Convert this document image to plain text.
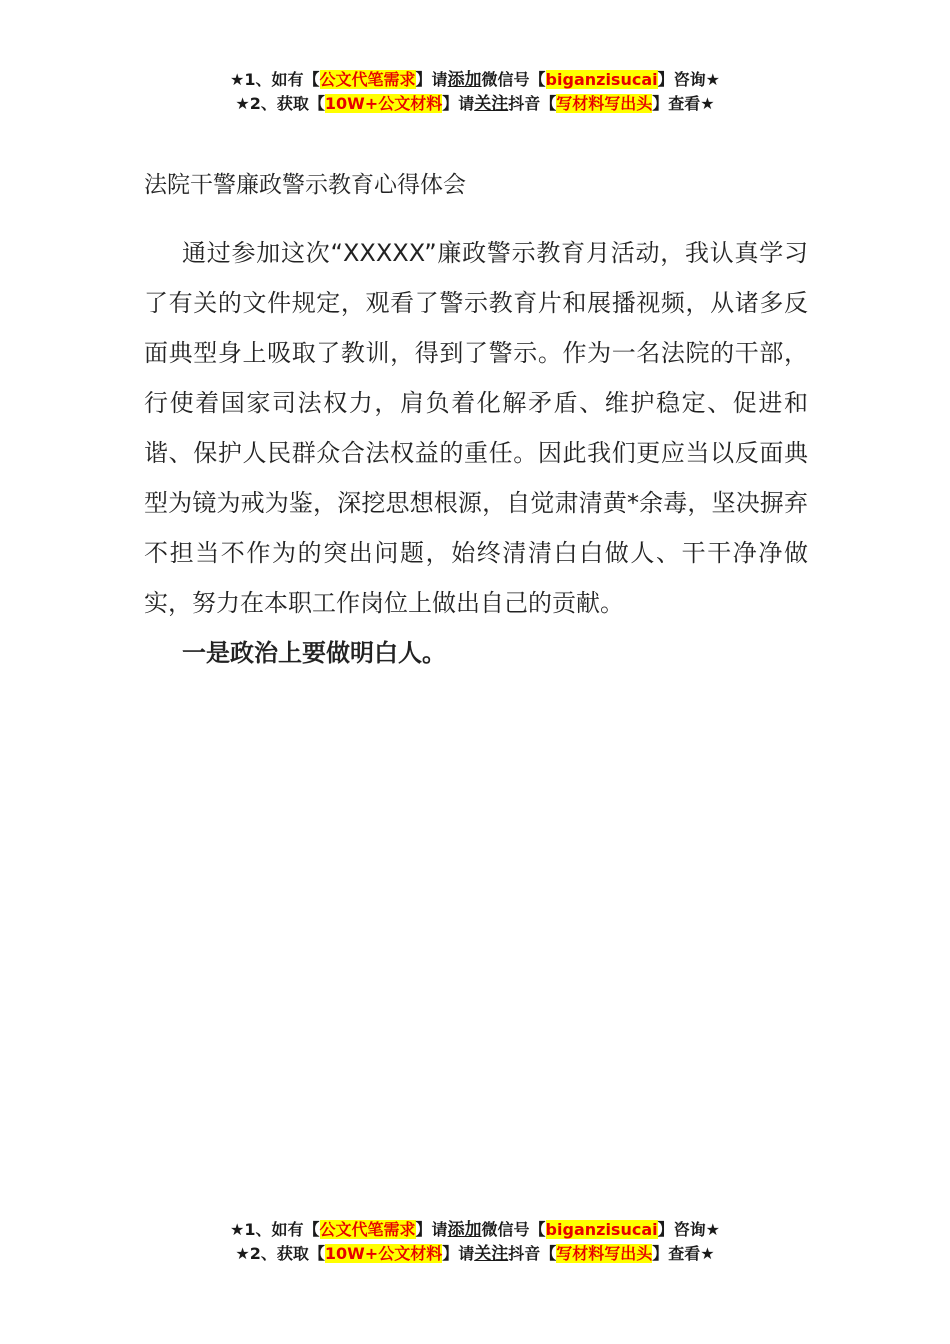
★1、如有【公文代笔需求】请添加微信号【biganzisucai】咨询★
★2、获取【10W+公文材料】请关注抖音【写材料写出头】查看★
法院干警廉政警示教育心得体会

通过参加这次“XXXXX”廉政警示教育月活动，我认真学习了有关的文件规定，观看了警示教育片和展播视频，从诸多反面典型身上吸取了教训，得到了警示。作为一名法院的干部，行使着国家司法权力，肩负着化解矛盾、维护稳定、促进和谐、保护人民群众合法权益的重任。因此我们更应当以反面典型为镜为戒为鉴，深挖思想根源，自觉肃清黄*余毒，坚决摒弃不担当不作为的突出问题，始终清清白白做人、干干净净做实，努力在本职工作岗位上做出自己的贡献。

一是政治上要做明白人。

★1、如有【公文代笔需求】请添加微信号【biganzisucai】咨询★
★2、获取【10W+公文材料】请关注抖音【写材料写出头】查看★
